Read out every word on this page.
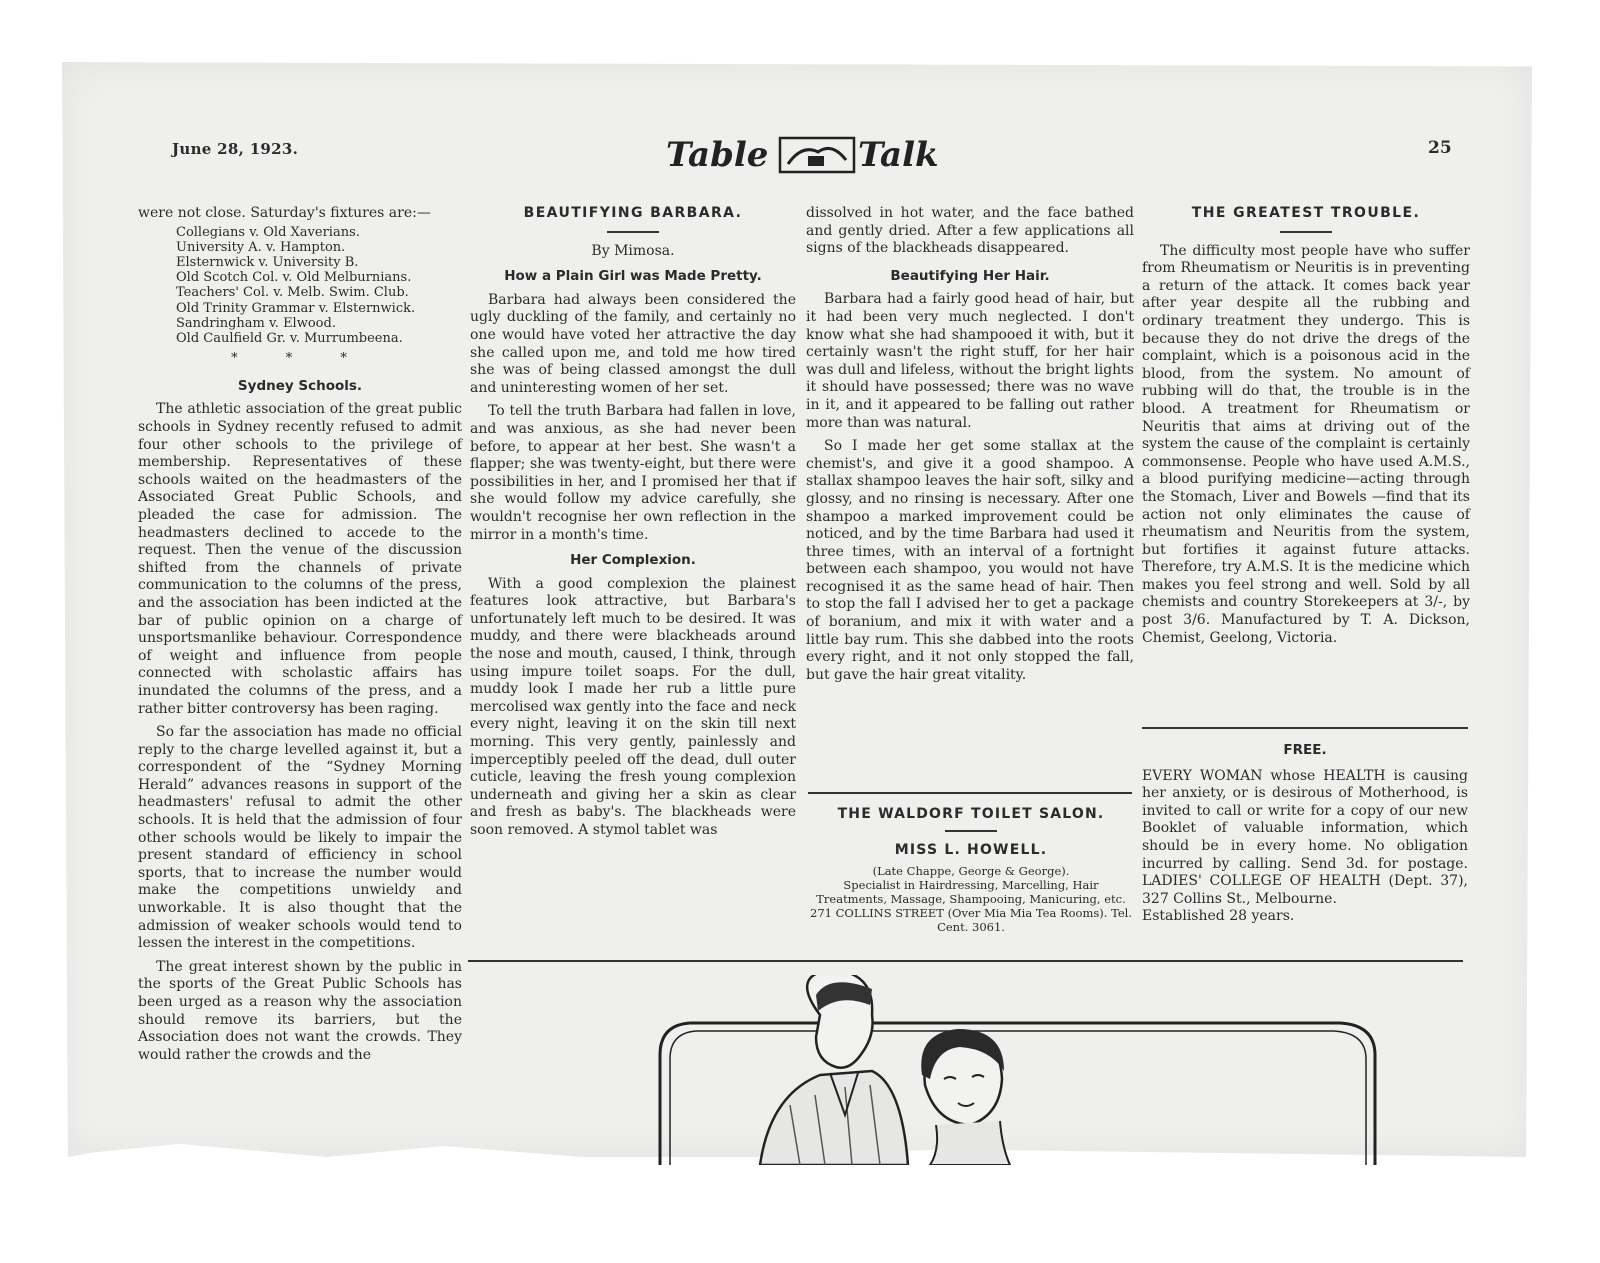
June 28, 1923.	Table	Talk	25

were not close. Saturday's fixtures are:—

Collegians v. Old Xaverians.
University A. v. Hampton.
Elsternwick v. University B.
Old Scotch Col. v. Old Melburnians.
Teachers' Col. v. Melb. Swim. Club.
Old Trinity Grammar v. Elsternwick.
Sandringham v. Elwood.
Old Caulfield Gr. v. Murrumbeena.
* * *
Sydney Schools.

The athletic association of the great public schools in Sydney recently refused to admit four other schools to the privilege of membership. Representatives of these schools waited on the headmasters of the Associated Great Public Schools, and pleaded the case for admission. The headmasters declined to accede to the request. Then the venue of the discussion shifted from the channels of private communication to the columns of the press, and the association has been indicted at the bar of public opinion on a charge of unsportsmanlike behaviour. Correspondence of weight and influence from people connected with scholastic affairs has inundated the columns of the press, and a rather bitter controversy has been raging.

So far the association has made no official reply to the charge levelled against it, but a correspondent of the “Sydney Morning Herald” advances reasons in support of the headmasters' refusal to admit the other schools. It is held that the admission of four other schools would be likely to impair the present standard of efficiency in school sports, that to increase the number would make the competitions unwieldy and unworkable. It is also thought that the admission of weaker schools would tend to lessen the interest in the competitions.

The great interest shown by the public in the sports of the Great Public Schools has been urged as a reason why the association should remove its barriers, but the Association does not want the crowds. They would rather the crowds and the

BEAUTIFYING BARBARA.
By Mimosa.
How a Plain Girl was Made Pretty.

Barbara had always been considered the ugly duckling of the family, and certainly no one would have voted her attractive the day she called upon me, and told me how tired she was of being classed amongst the dull and uninteresting women of her set.

To tell the truth Barbara had fallen in love, and was anxious, as she had never been before, to appear at her best. She wasn't a flapper; she was twenty-eight, but there were possibilities in her, and I promised her that if she would follow my advice carefully, she wouldn't recognise her own reflection in the mirror in a month's time.

Her Complexion.

With a good complexion the plainest features look attractive, but Barbara's unfortunately left much to be desired. It was muddy, and there were blackheads around the nose and mouth, caused, I think, through using impure toilet soaps. For the dull, muddy look I made her rub a little pure mercolised wax gently into the face and neck every night, leaving it on the skin till next morning. This very gently, painlessly and imperceptibly peeled off the dead, dull outer cuticle, leaving the fresh young complexion underneath and giving her a skin as clear and fresh as baby's. The blackheads were soon removed. A stymol tablet was

dissolved in hot water, and the face bathed and gently dried. After a few applications all signs of the blackheads disappeared.

Beautifying Her Hair.

Barbara had a fairly good head of hair, but it had been very much neglected. I don't know what she had shampooed it with, but it certainly wasn't the right stuff, for her hair was dull and lifeless, without the bright lights it should have possessed; there was no wave in it, and it appeared to be falling out rather more than was natural.

So I made her get some stallax at the chemist's, and give it a good shampoo. A stallax shampoo leaves the hair soft, silky and glossy, and no rinsing is necessary. After one shampoo a marked improvement could be noticed, and by the time Barbara had used it three times, with an interval of a fortnight between each shampoo, you would not have recognised it as the same head of hair. Then to stop the fall I advised her to get a package of boranium, and mix it with water and a little bay rum. This she dabbed into the roots every right, and it not only stopped the fall, but gave the hair great vitality.

THE WALDORF TOILET SALON.
MISS L. HOWELL.
(Late Chappe, George & George).
Specialist in Hairdressing, Marcelling, Hair Treatments, Massage, Shampooing, Manicuring, etc.
271 COLLINS STREET (Over Mia Mia Tea Rooms). Tel. Cent. 3061.
THE GREATEST TROUBLE.

The difficulty most people have who suffer from Rheumatism or Neuritis is in preventing a return of the attack. It comes back year after year despite all the rubbing and ordinary treatment they undergo. This is because they do not drive the dregs of the complaint, which is a poisonous acid in the blood, from the system. No amount of rubbing will do that, the trouble is in the blood. A treatment for Rheumatism or Neuritis that aims at driving out of the system the cause of the complaint is certainly commonsense. People who have used A.M.S., a blood purifying medicine—acting through the Stomach, Liver and Bowels —find that its action not only eliminates the cause of rheumatism and Neuritis from the system, but fortifies it against future attacks. Therefore, try A.M.S. It is the medicine which makes you feel strong and well. Sold by all chemists and country Storekeepers at 3/-, by post 3/6. Manufactured by T. A. Dickson, Chemist, Geelong, Victoria.

FREE.
EVERY WOMAN whose HEALTH is causing her anxiety, or is desirous of Motherhood, is invited to call or write for a copy of our new Booklet of valuable information, which should be in every home. No obligation incurred by calling. Send 3d. for postage. LADIES' COLLEGE OF HEALTH (Dept. 37), 327 Collins St., Melbourne.
Established 28 years.
